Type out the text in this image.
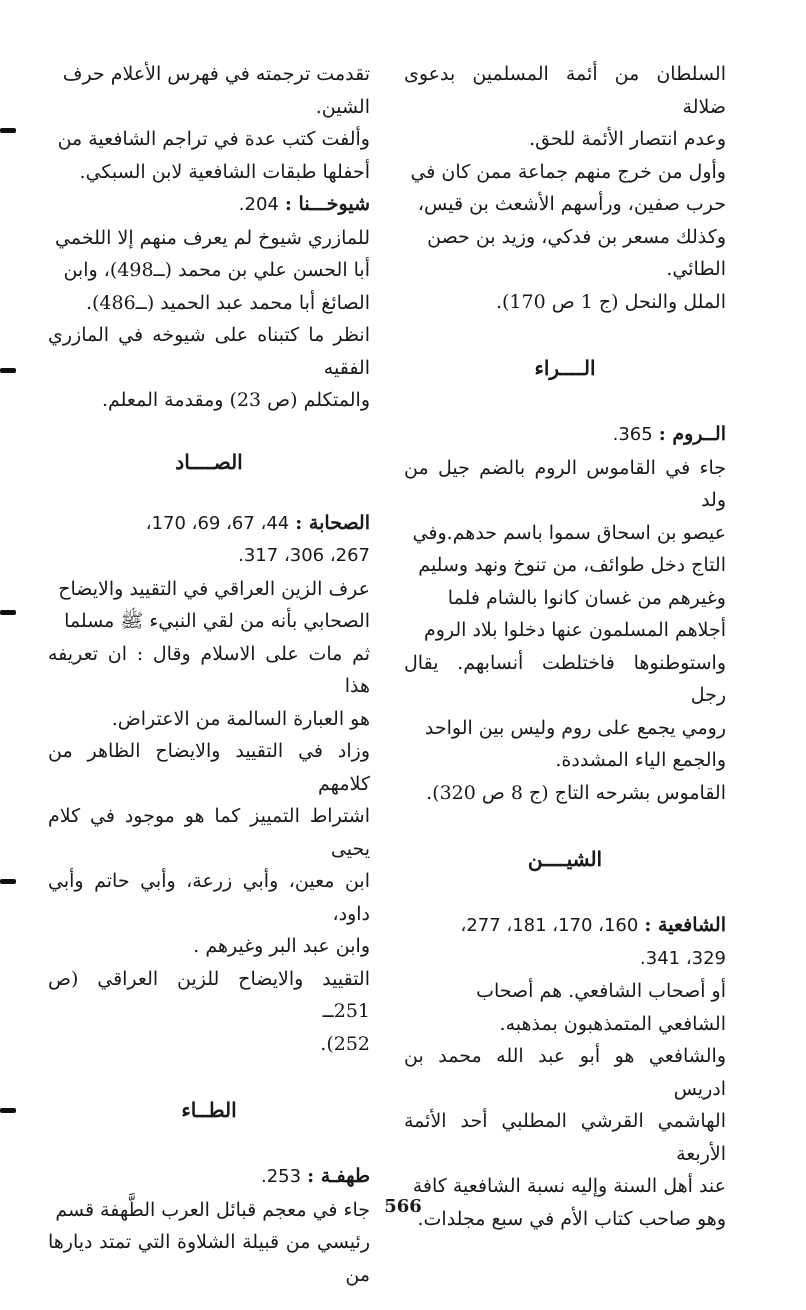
السلطان من أئمة المسلمين بدعوى ضلالة

وعدم انتصار الأئمة للحق.

وأول من خرج منهم جماعة ممن كان في

حرب صفين، ورأسهم الأشعث بن قيس،

وكذلك مسعر بن فدكي، وزيد بن حصن

الطائي.

الملل والنحل (ج 1 ص 170).

الــــراء

الــروم : 365.

جاء في القاموس الروم بالضم جيل من ولد

عيصو بن اسحاق سموا باسم حدهم.وفي

التاج دخل طوائف، من تنوخ ونهد وسليم

وغيرهم من غسان كانوا بالشام فلما

أجلاهم المسلمون عنها دخلوا بلاد الروم

واستوطنوها فاختلطت أنسابهم. يقال رجل

رومي يجمع على روم وليس بين الواحد

والجمع الياء المشددة.

القاموس بشرحه التاج (ج 8 ص 320).

الشيــــن

الشافعية : 160، 170، 181، 277،

329، 341.

أو أصحاب الشافعي. هم أصحاب

الشافعي المتمذهبون بمذهبه.

والشافعي هو أبو عبد الله محمد بن ادريس

الهاشمي القرشي المطلبي أحد الأئمة الأربعة

عند أهل السنة وإليه نسبة الشافعية كافة

وهو صاحب كتاب الأم في سبع مجلدات.

تقدمت ترجمته في فهرس الأعلام حرف

الشين.

وألفت كتب عدة في تراجم الشافعية من

أحفلها طبقات الشافعية لابن السبكي.

شيوخـــنا : 204.

للمازري شيوخ لم يعرف منهم إلا اللخمي

أبا الحسن علي بن محمد (ــ498)، وابن

الصائغ أبا محمد عبد الحميد (ــ486).

انظر ما كتبناه على شيوخه في المازري الفقيه

والمتكلم (ص 23) ومقدمة المعلم.

الصــــاد

الصحابة : 44، 67، 69، 170،

267، 306، 317.

عرف الزين العراقي في التقييد والايضاح

الصحابي بأنه من لقي النبيء ﷺ مسلما

ثم مات على الاسلام وقال : ان تعريفه هذا

هو العبارة السالمة من الاعتراض.

وزاد في التقييد والايضاح الظاهر من كلامهم

اشتراط التمييز كما هو موجود في كلام يحيى

ابن معين، وأبي زرعة، وأبي حاتم وأبي داود،

وابن عبد البر وغيرهم .

التقييد والايضاح للزين العراقي (ص 251ــ

252).

الطــاء

طهفـة : 253.

جاء في معجم قبائل العرب الطَّهفة قسم

رئيسي من قبيلة الشلاوة التي تمتد ديارها من

566
